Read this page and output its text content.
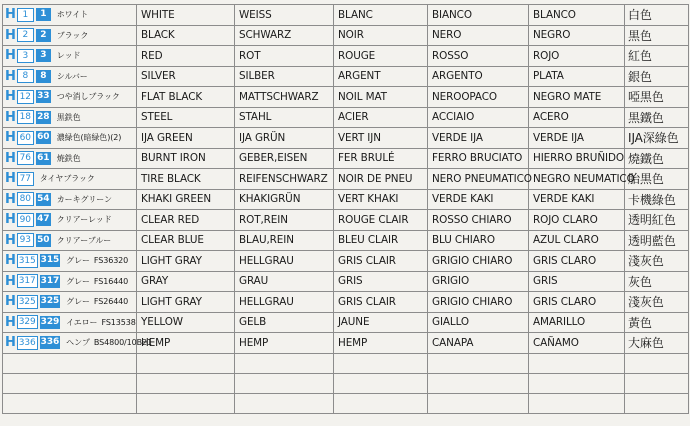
H 1 1 ホワイト	WHITE	WEISS	BLANC	BIANCO	BLANCO	白色
H 2 2 ブラック	BLACK	SCHWARZ	NOIR	NERO	NEGRO	黒色
H 3 3 レッド	RED	ROT	ROUGE	ROSSO	ROJO	紅色
H 8 8 シルバー	SILVER	SILBER	ARGENT	ARGENTO	PLATA	銀色
H 12 33 つや消しブラック	FLAT BLACK	MATTSCHWARZ	NOIL MAT	NEROOPACO	NEGRO MATE	啞黒色
H 18 28 黒鉄色	STEEL	STAHL	ACIER	ACCIAIO	ACERO	黒鐵色
H 60 60 濃緑色(暗緑色)(2)	IJA GREEN	IJA GRÜN	VERT IJN	VERDE IJA	VERDE IJA	IJA深綠色
H 76 61 焼鉄色	BURNT IRON	GEBER,EISEN	FER BRULÉ	FERRO BRUCIATO	HIERRO BRUÑIDO	燒鐵色
H 77 タイヤブラック	TIRE BLACK	REIFENSCHWARZ	NOIR DE PNEU	NERO PNEUMATICO	NEGRO NEUMATICO	胎黒色
H 80 54 カーキグリーン	KHAKI GREEN	KHAKIGRÜN	VERT KHAKI	VERDE KAKI	VERDE KAKI	卡機綠色
H 90 47 クリアーレッド	CLEAR RED	ROT,REIN	ROUGE CLAIR	ROSSO CHIARO	ROJO CLARO	透明紅色
H 93 50 クリアーブルー	CLEAR BLUE	BLAU,REIN	BLEU CLAIR	BLU CHIARO	AZUL CLARO	透明藍色
H 315 315 グレー FS36320	LIGHT GRAY	HELLGRAU	GRIS CLAIR	GRIGIO CHIARO	GRIS CLARO	淺灰色
H 317 317 グレー FS16440	GRAY	GRAU	GRIS	GRIGIO	GRIS	灰色
H 325 325 グレー FS26440	LIGHT GRAY	HELLGRAU	GRIS CLAIR	GRIGIO CHIARO	GRIS CLARO	淺灰色
H 329 329 イエロー FS13538	YELLOW	GELB	JAUNE	GIALLO	AMARILLO	黃色
H 336 336 ヘンプ BS4800/10B21	HEMP	HEMP	HEMP	CANAPA	CAÑAMO	大麻色
